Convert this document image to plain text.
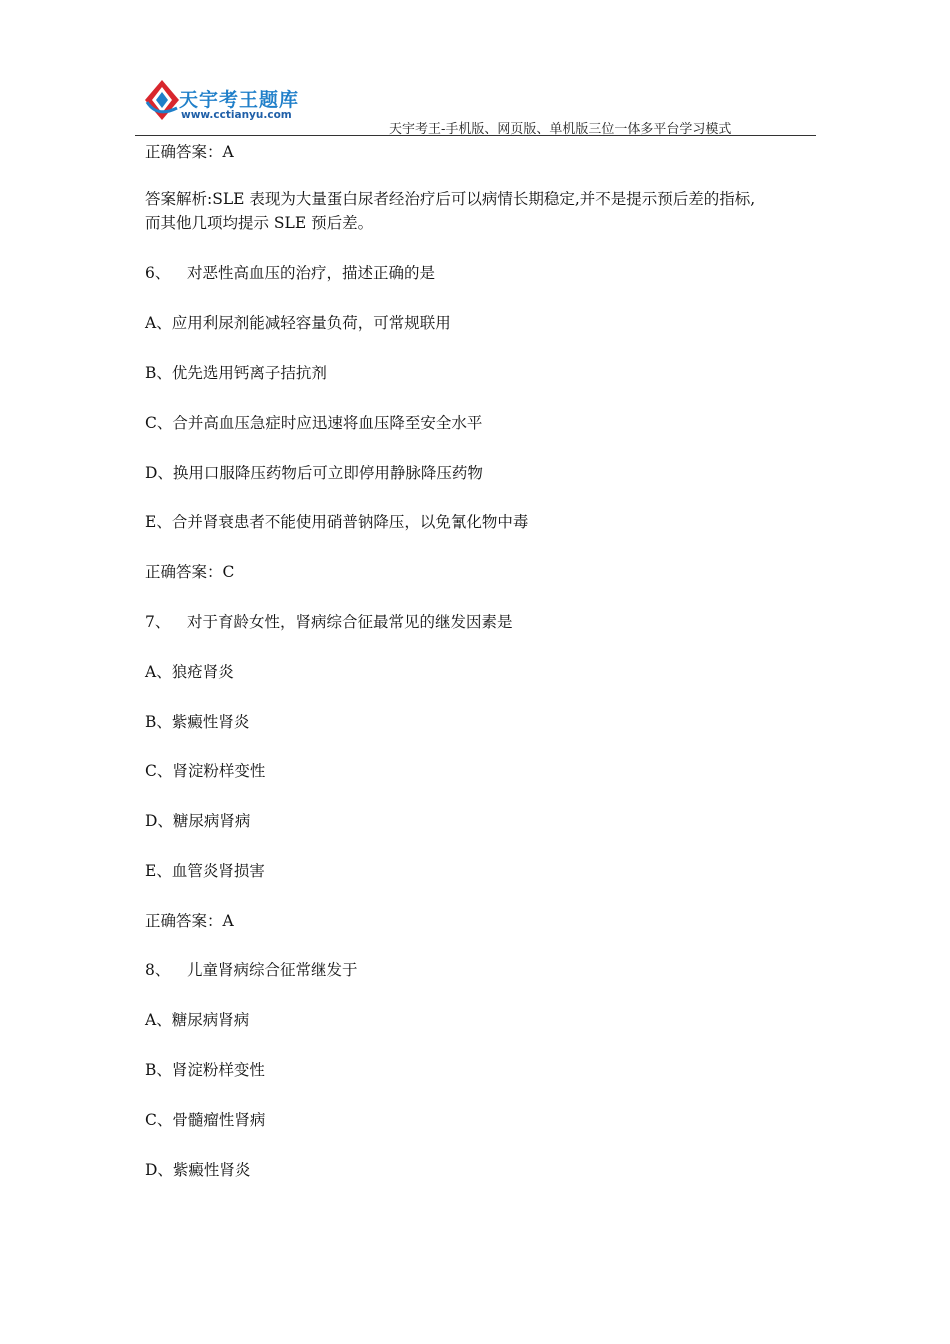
天宇考王题库
www.cctianyu.com
天宇考王-手机版、网页版、单机版三位一体多平台学习模式
正确答案：A
答案解析:SLE 表现为大量蛋白尿者经治疗后可以病情长期稳定,并不是提示预后差的指标,
而其他几项均提示 SLE 预后差。
6、 对恶性高血压的治疗，描述正确的是
A、应用利尿剂能减轻容量负荷，可常规联用
B、优先选用钙离子拮抗剂
C、合并高血压急症时应迅速将血压降至安全水平
D、换用口服降压药物后可立即停用静脉降压药物
E、合并肾衰患者不能使用硝普钠降压，以免氰化物中毒
正确答案：C
7、 对于育龄女性，肾病综合征最常见的继发因素是
A、狼疮肾炎
B、紫癜性肾炎
C、肾淀粉样变性
D、糖尿病肾病
E、血管炎肾损害
正确答案：A
8、 儿童肾病综合征常继发于
A、糖尿病肾病
B、肾淀粉样变性
C、骨髓瘤性肾病
D、紫癜性肾炎
